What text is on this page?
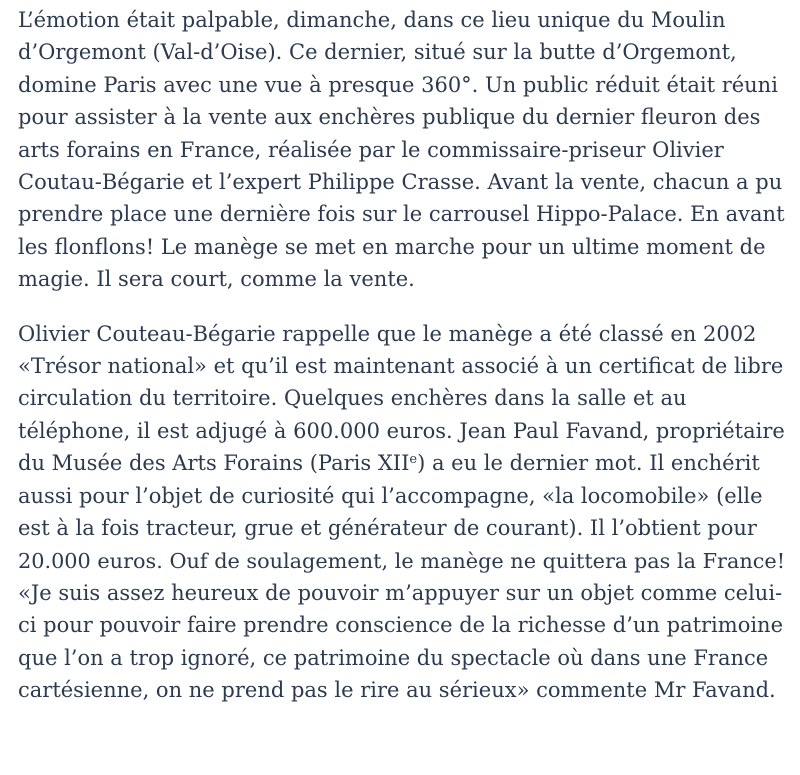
L’émotion était palpable, dimanche, dans ce lieu unique du Moulin
d’Orgemont (Val-d’Oise). Ce dernier, situé sur la butte d’Orgemont,
domine Paris avec une vue à presque 360°. Un public réduit était réuni
pour assister à la vente aux enchères publique du dernier fleuron des
arts forains en France, réalisée par le commissaire-priseur Olivier
Coutau-Bégarie et l’expert Philippe Crasse. Avant la vente, chacun a pu
prendre place une dernière fois sur le carrousel Hippo-Palace. En avant
les flonflons! Le manège se met en marche pour un ultime moment de
magie. Il sera court, comme la vente.

Olivier Couteau-Bégarie rappelle que le manège a été classé en 2002
«Trésor national» et qu’il est maintenant associé à un certificat de libre
circulation du territoire. Quelques enchères dans la salle et au
téléphone, il est adjugé à 600.000 euros. Jean Paul Favand, propriétaire
du Musée des Arts Forains (Paris XIIe) a eu le dernier mot. Il enchérit
aussi pour l’objet de curiosité qui l’accompagne, «la locomobile» (elle
est à la fois tracteur, grue et générateur de courant). Il l’obtient pour
20.000 euros. Ouf de soulagement, le manège ne quittera pas la France!
«Je suis assez heureux de pouvoir m’appuyer sur un objet comme celui-
ci pour pouvoir faire prendre conscience de la richesse d’un patrimoine
que l’on a trop ignoré, ce patrimoine du spectacle où dans une France
cartésienne, on ne prend pas le rire au sérieux» commente Mr Favand.
